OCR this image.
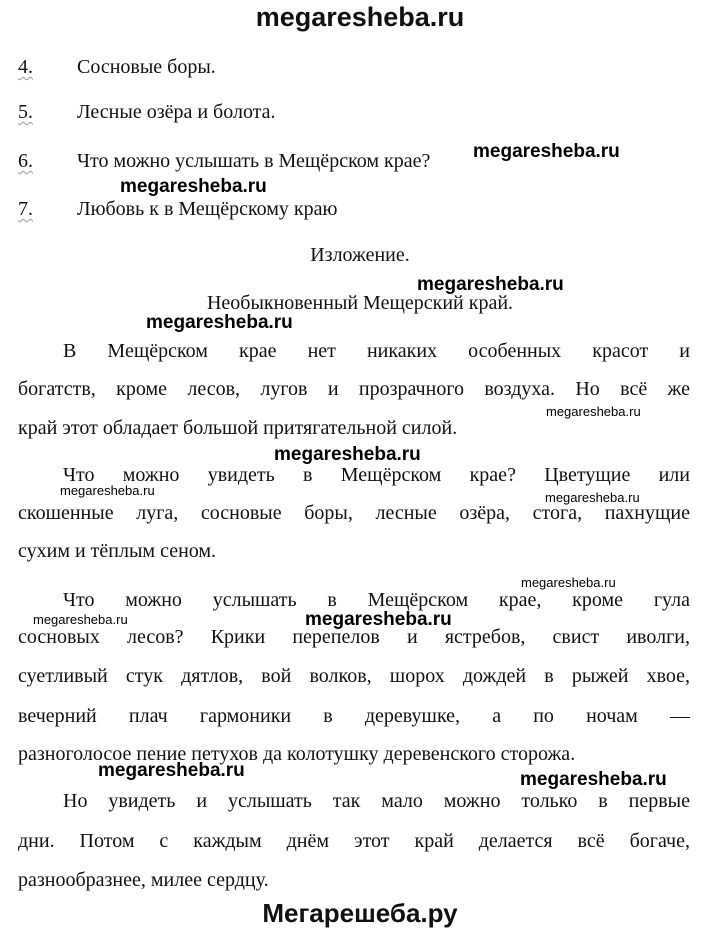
megaresheba.ru
4. Сосновые боры.
5. Лесные озёра и болота.
6. Что можно услышать в Мещёрском крае?
7. Любовь к в Мещёрскому краю
Изложение.
Необыкновенный Мещерский край.
В Мещёрском крае нет никаких особенных красот и
богатств, кроме лесов, лугов и прозрачного воздуха. Но всё же
край этот обладает большой притягательной силой.
Что можно увидеть в Мещёрском крае? Цветущие или
скошенные луга, сосновые боры, лесные озёра, стога, пахнущие
сухим и тёплым сеном.
Что можно услышать в Мещёрском крае, кроме гула
сосновых лесов? Крики перепелов и ястребов, свист иволги,
суетливый стук дятлов, вой волков, шорох дождей в рыжей хвое,
вечерний плач гармоники в деревушке, а по ночам —
разноголосое пение петухов да колотушку деревенского сторожа.
Но увидеть и услышать так мало можно только в первые
дни. Потом с каждым днём этот край делается всё богаче,
разнообразнее, милее сердцу.
megaresheba.ru
megaresheba.ru
megaresheba.ru
megaresheba.ru
megaresheba.ru
megaresheba.ru
megaresheba.ru	megaresheba.ru
megaresheba.ru
megaresheba.ru	megaresheba.ru
megaresheba.ru	megaresheba.ru
Мегарешеба.ру
